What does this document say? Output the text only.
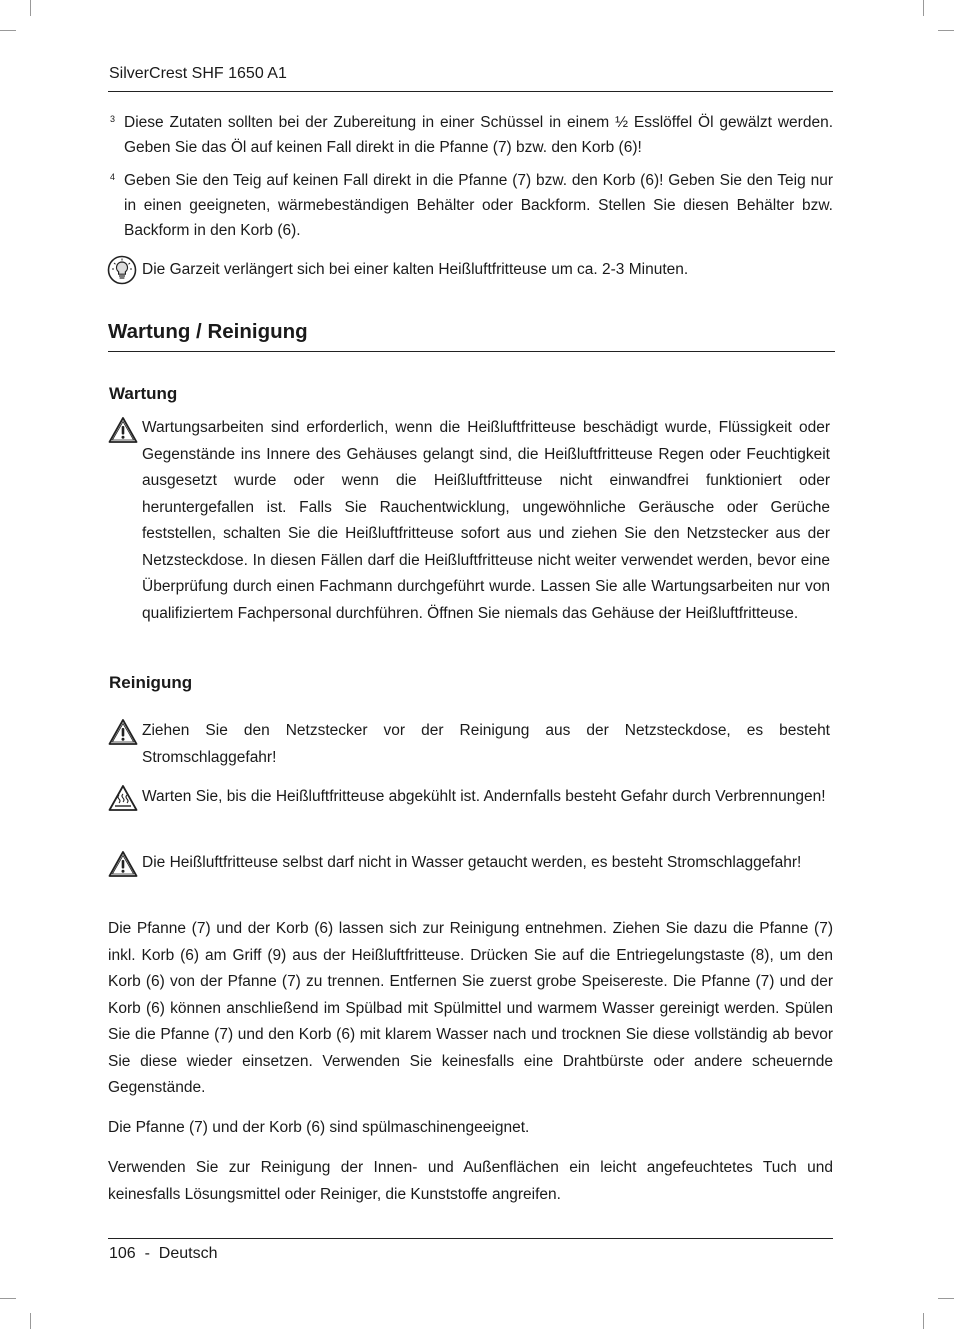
SilverCrest SHF 1650 A1
3 Diese Zutaten sollten bei der Zubereitung in einer Schüssel in einem ½ Esslöffel Öl gewälzt werden. Geben Sie das Öl auf keinen Fall direkt in die Pfanne (7) bzw. den Korb (6)!
4 Geben Sie den Teig auf keinen Fall direkt in die Pfanne (7) bzw. den Korb (6)! Geben Sie den Teig nur in einen geeigneten, wärmebeständigen Behälter oder Backform. Stellen Sie diesen Behälter bzw. Backform in den Korb (6).
Die Garzeit verlängert sich bei einer kalten Heißluftfritteuse um ca. 2-3 Minuten.
Wartung / Reinigung
Wartung
Wartungsarbeiten sind erforderlich, wenn die Heißluftfritteuse beschädigt wurde, Flüssigkeit oder Gegenstände ins Innere des Gehäuses gelangt sind, die Heißluftfritteuse Regen oder Feuchtigkeit ausgesetzt wurde oder wenn die Heißluftfritteuse nicht einwandfrei funktioniert oder heruntergefallen ist. Falls Sie Rauchentwicklung, ungewöhnliche Geräusche oder Gerüche feststellen, schalten Sie die Heißluftfritteuse sofort aus und ziehen Sie den Netzstecker aus der Netzsteckdose. In diesen Fällen darf die Heißluftfritteuse nicht weiter verwendet werden, bevor eine Überprüfung durch einen Fachmann durchgeführt wurde. Lassen Sie alle Wartungsarbeiten nur von qualifiziertem Fachpersonal durchführen. Öffnen Sie niemals das Gehäuse der Heißluftfritteuse.
Reinigung
Ziehen Sie den Netzstecker vor der Reinigung aus der Netzsteckdose, es besteht Stromschlaggefahr!
Warten Sie, bis die Heißluftfritteuse abgekühlt ist. Andernfalls besteht Gefahr durch Verbrennungen!
Die Heißluftfritteuse selbst darf nicht in Wasser getaucht werden, es besteht Stromschlaggefahr!
Die Pfanne (7) und der Korb (6) lassen sich zur Reinigung entnehmen. Ziehen Sie dazu die Pfanne (7) inkl. Korb (6) am Griff (9) aus der Heißluftfritteuse. Drücken Sie auf die Entriegelungstaste (8), um den Korb (6) von der Pfanne (7) zu trennen. Entfernen Sie zuerst grobe Speisereste. Die Pfanne (7) und der Korb (6) können anschließend im Spülbad mit Spülmittel und warmem Wasser gereinigt werden. Spülen Sie die Pfanne (7) und den Korb (6) mit klarem Wasser nach und trocknen Sie diese vollständig ab bevor Sie diese wieder einsetzen. Verwenden Sie keinesfalls eine Drahtbürste oder andere scheuernde Gegenstände.
Die Pfanne (7) und der Korb (6) sind spülmaschinengeeignet.
Verwenden Sie zur Reinigung der Innen- und Außenflächen ein leicht angefeuchtetes Tuch und keinesfalls Lösungsmittel oder Reiniger, die Kunststoffe angreifen.
106  -  Deutsch
